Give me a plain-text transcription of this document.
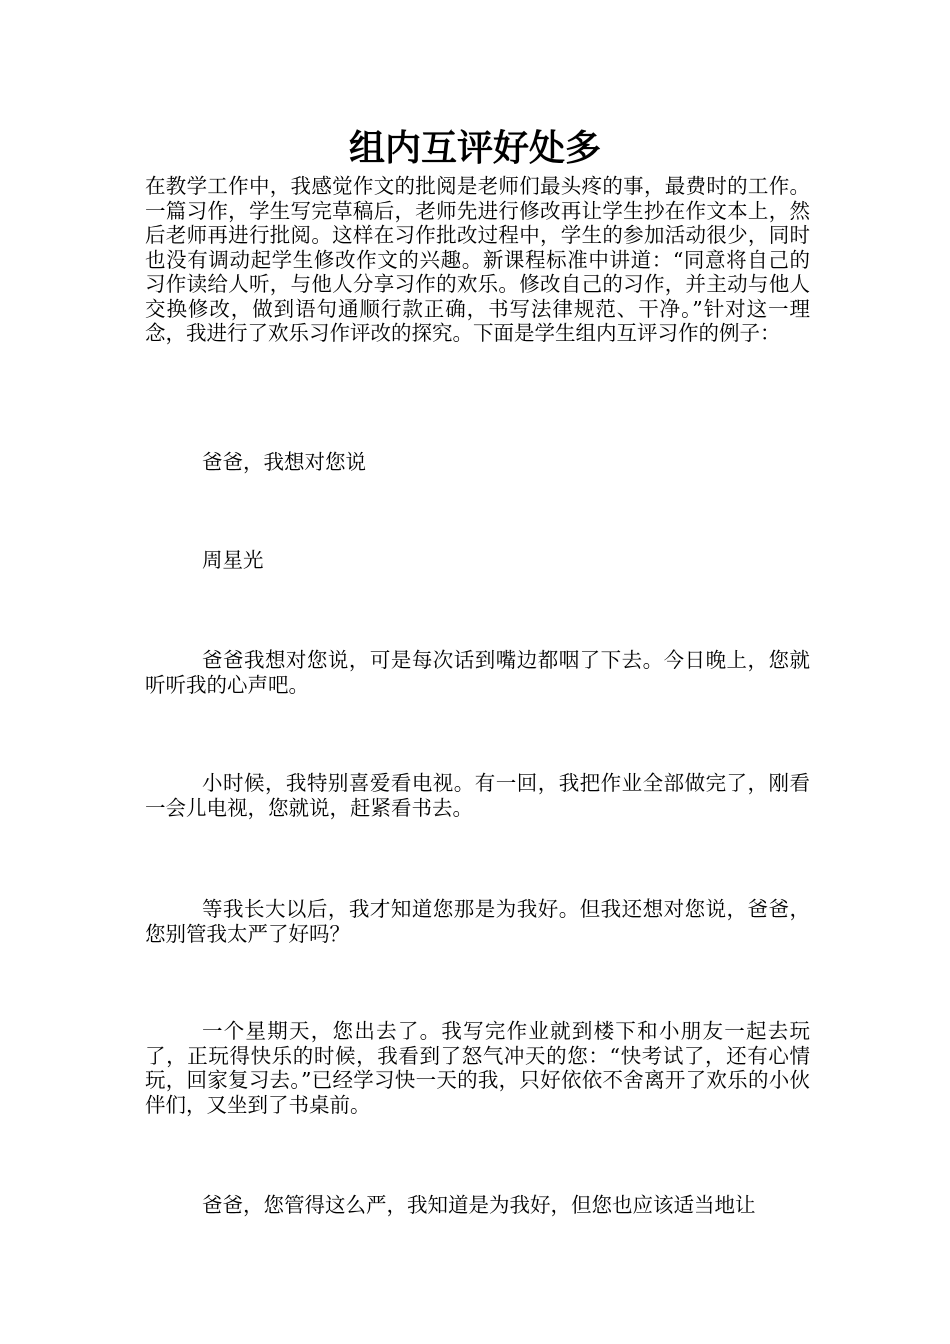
组内互评好处多

在教学工作中，我感觉作文的批阅是老师们最头疼的事，最费时的工作。一篇习作，学生写完草稿后，老师先进行修改再让学生抄在作文本上，然后老师再进行批阅。这样在习作批改过程中，学生的参加活动很少，同时也没有调动起学生修改作文的兴趣。新课程标准中讲道：“同意将自己的习作读给人听，与他人分享习作的欢乐。修改自己的习作，并主动与他人交换修改，做到语句通顺行款正确，书写法律规范、干净。”针对这一理念，我进行了欢乐习作评改的探究。下面是学生组内互评习作的例子：

爸爸，我想对您说

周星光

爸爸我想对您说，可是每次话到嘴边都咽了下去。今日晚上，您就听听我的心声吧。

小时候，我特别喜爱看电视。有一回，我把作业全部做完了，刚看一会儿电视，您就说，赶紧看书去。

等我长大以后，我才知道您那是为我好。但我还想对您说，爸爸，您别管我太严了好吗？

一个星期天，您出去了。我写完作业就到楼下和小朋友一起去玩了，正玩得快乐的时候，我看到了怒气冲天的您：“快考试了，还有心情玩，回家复习去。”已经学习快一天的我，只好依依不舍离开了欢乐的小伙伴们，又坐到了书桌前。

爸爸，您管得这么严，我知道是为我好，但您也应该适当地让
